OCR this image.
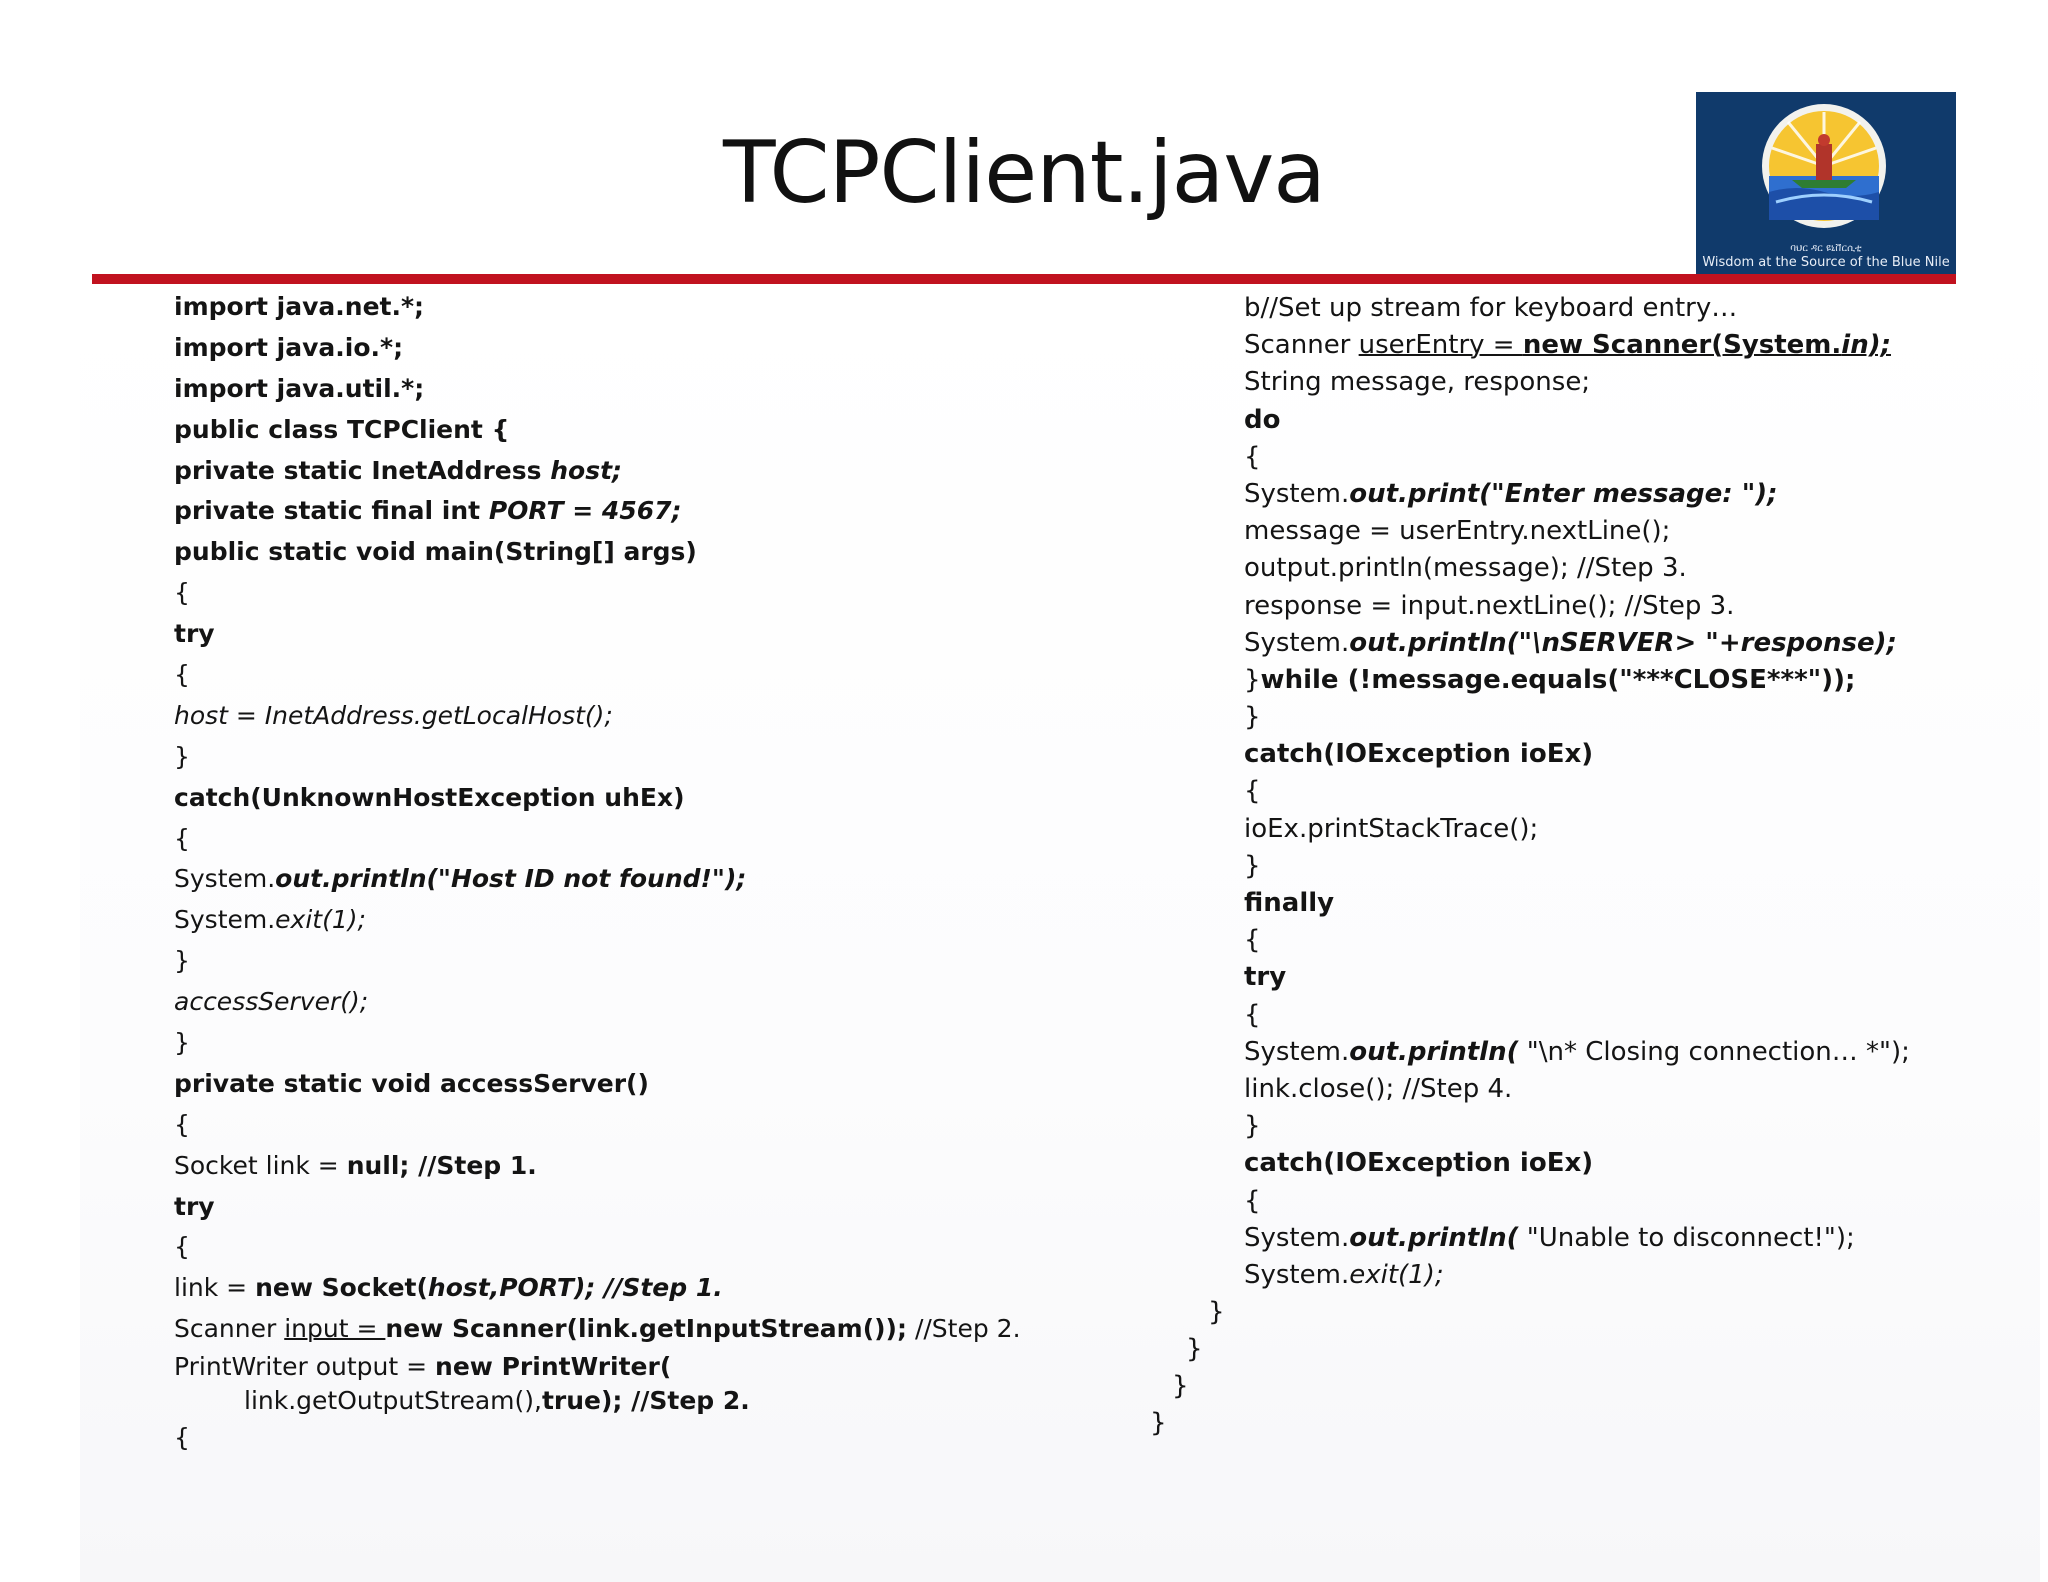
TCPClient.java
ባህር ዳር ዩኒቨርሲቲ
Wisdom at the Source of the Blue Nile
import java.net.*;
import java.io.*;
import java.util.*;
public class TCPClient {
private static InetAddress host;
private static final int PORT = 4567;
public static void main(String[] args)
{
try
{
host = InetAddress.getLocalHost();
}
catch(UnknownHostException uhEx)
{
System.out.println("Host ID not found!");
System.exit(1);
}
accessServer();
}
private static void accessServer()
{
Socket link = null; //Step 1.
try
{
link = new Socket(host,PORT); //Step 1.
Scanner input = new Scanner(link.getInputStream()); //Step 2.
PrintWriter output = new PrintWriter(
link.getOutputStream(),true); //Step 2.
{
b//Set up stream for keyboard entry…
Scanner userEntry = new Scanner(System.in);
String message, response;
do
{
System.out.print("Enter message: ");
message = userEntry.nextLine();
output.println(message); //Step 3.
response = input.nextLine(); //Step 3.
System.out.println("\nSERVER> "+response);
}while (!message.equals("***CLOSE***"));
}
catch(IOException ioEx)
{
ioEx.printStackTrace();
}
finally
{
try
{
System.out.println( "\n* Closing connection… *");
link.close(); //Step 4.
}
catch(IOException ioEx)
{
System.out.println( "Unable to disconnect!");
System.exit(1);
}
}
}
}
